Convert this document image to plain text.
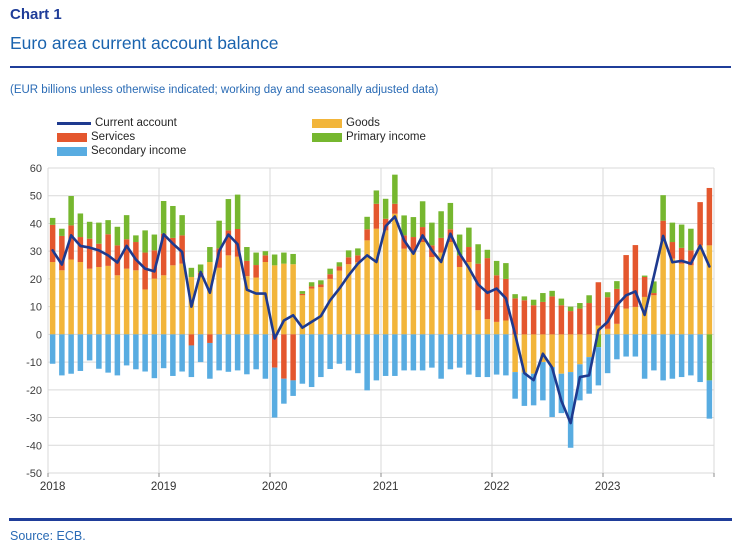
Chart 1
Euro area current account balance
(EUR billions unless otherwise indicated; working day and seasonally adjusted data)
Current account
Services
Secondary income
Goods
Primary income
-50
-40
-30
-20
-10
0
10
20
30
40
50
60
2018	2019	2020	2021	2022	2023
Source: ECB.
